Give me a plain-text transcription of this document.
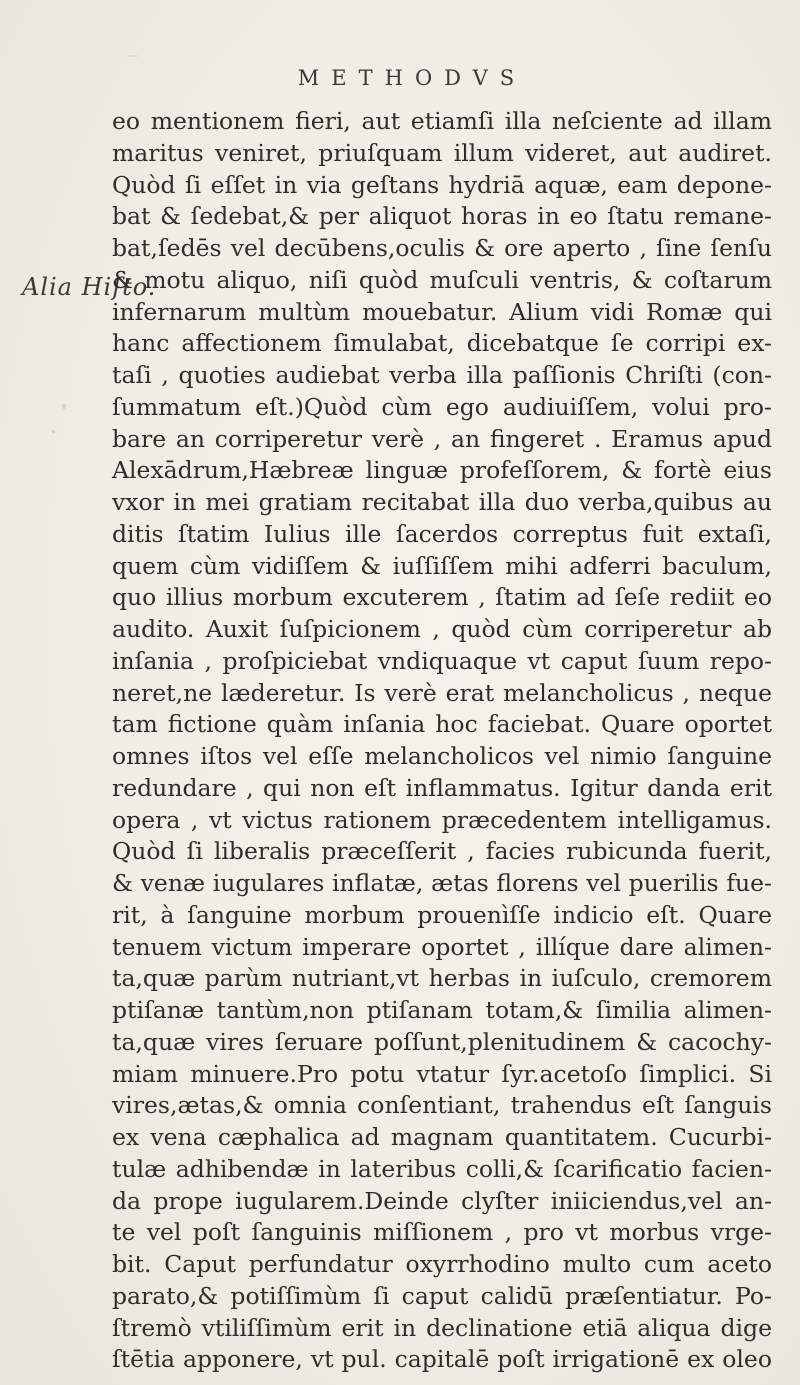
METHODVS
Alia Hiſto.
eo mentionem fieri, aut etiamſi illa neſciente ad illam
maritus veniret, priuſquam illum videret, aut audiret.
Quòd ſi eſſet in via geſtans hydriā aquæ, eam depone-
bat & ſedebat,& per aliquot horas in eo ſtatu remane-
bat,ſedēs vel decūbens,oculis & ore aperto , ſine ſenſu
& motu aliquo, niſi quòd muſculi ventris, & coſtarum
infernarum multùm mouebatur. Alium vidi Romæ qui
hanc affectionem ſimulabat, dicebatque ſe corripi ex-
taſi , quoties audiebat verba illa paſſionis Chriſti (con-
ſummatum eſt.)Quòd cùm ego audiuiſſem, volui pro-
bare an corriperetur verè , an fingeret . Eramus apud
Alexādrum,Hæbreæ linguæ profeſſorem, & fortè eius
vxor in mei gratiam recitabat illa duo verba,quibus au
ditis ſtatim Iulius ille ſacerdos correptus fuit extaſi,
quem cùm vidiſſem & iuſſiſſem mihi adferri baculum,
quo illius morbum excuterem , ſtatim ad ſeſe rediit eo
audito. Auxit ſuſpicionem , quòd cùm corriperetur ab
inſania , proſpiciebat vndiquaque vt caput ſuum repo-
neret,ne læderetur. Is verè erat melancholicus , neque
tam fictione quàm inſania hoc faciebat. Quare oportet
omnes iſtos vel eſſe melancholicos vel nimio ſanguine
redundare , qui non eſt inflammatus. Igitur danda erit
opera , vt victus rationem præcedentem intelligamus.
Quòd ſi liberalis præceſſerit , facies rubicunda fuerit,
& venæ iugulares inflatæ, ætas florens vel puerilis fue-
rit, à ſanguine morbum prouenìſſe indicio eſt. Quare
tenuem victum imperare oportet , illíque dare alimen-
ta,quæ parùm nutriant,vt herbas in iuſculo, cremorem
ptiſanæ tantùm,non ptiſanam totam,& ſimilia alimen-
ta,quæ vires ſeruare poſſunt,plenitudinem & cacochy-
miam minuere.Pro potu vtatur ſyr.acetoſo ſimplici. Si
vires,ætas,& omnia conſentiant, trahendus eſt ſanguis
ex vena cæphalica ad magnam quantitatem. Cucurbi-
tulæ adhibendæ in lateribus colli,& ſcarificatio facien-
da prope iugularem.Deinde clyſter iniiciendus,vel an-
te vel poſt ſanguinis miſſionem , pro vt morbus vrge-
bit. Caput perfundatur oxyrrhodino multo cum aceto
parato,& potiſſimùm ſi caput calidū præſentiatur. Po-
ſtremò vtiliſſimùm erit in declinatione etiā aliqua dige
ſtētia apponere, vt pul. capitalē poſt irrigationē ex oleo
